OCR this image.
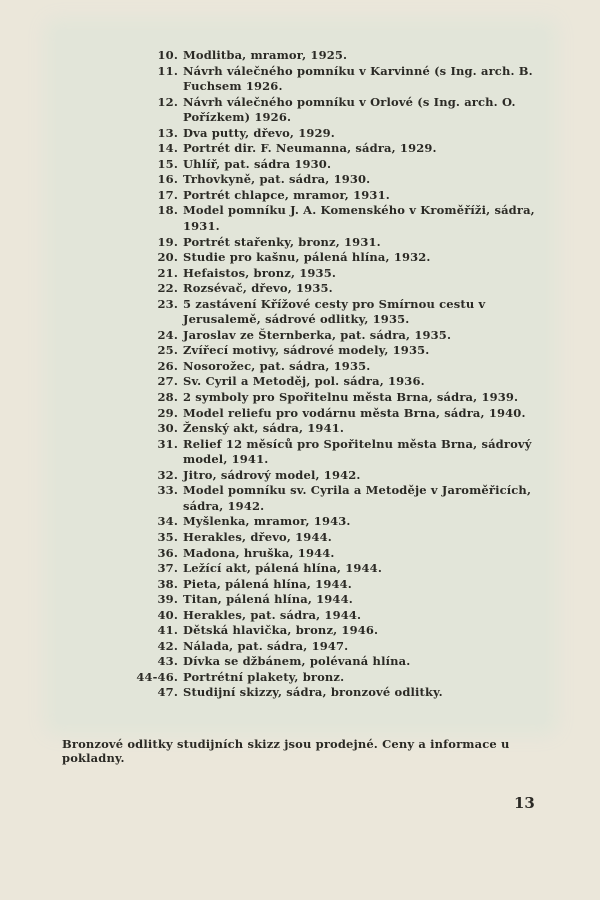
10. Modlitba, mramor, 1925.
11. Návrh válečného pomníku v Karvinné (s Ing. arch. B. Fuchsem 1926.
12. Návrh válečného pomníku v Orlové (s Ing. arch. O. Pořízkem) 1926.
13. Dva putty, dřevo, 1929.
14. Portrét dir. F. Neumanna, sádra, 1929.
15. Uhlíř, pat. sádra 1930.
16. Trhovkyně, pat. sádra, 1930.
17. Portrét chlapce, mramor, 1931.
18. Model pomníku J. A. Komenského v Kroměříži, sádra, 1931.
19. Portrét stařenky, bronz, 1931.
20. Studie pro kašnu, pálená hlína, 1932.
21. Hefaistos, bronz, 1935.
22. Rozsévač, dřevo, 1935.
23. 5 zastávení Křížové cesty pro Smírnou cestu v Jerusalemě, sádrové odlitky, 1935.
24. Jaroslav ze Šternberka, pat. sádra, 1935.
25. Zvířecí motivy, sádrové modely, 1935.
26. Nosorožec, pat. sádra, 1935.
27. Sv. Cyril a Metoděj, pol. sádra, 1936.
28. 2 symboly pro Spořitelnu města Brna, sádra, 1939.
29. Model reliefu pro vodárnu města Brna, sádra, 1940.
30. Ženský akt, sádra, 1941.
31. Relief 12 měsíců pro Spořitelnu města Brna, sádrový model, 1941.
32. Jitro, sádrový model, 1942.
33. Model pomníku sv. Cyrila a Metoděje v Jaroměřicích, sádra, 1942.
34. Myšlenka, mramor, 1943.
35. Herakles, dřevo, 1944.
36. Madona, hruška, 1944.
37. Ležící akt, pálená hlína, 1944.
38. Pieta, pálená hlína, 1944.
39. Titan, pálená hlína, 1944.
40. Herakles, pat. sádra, 1944.
41. Dětská hlavička, bronz, 1946.
42. Nálada, pat. sádra, 1947.
43. Dívka se džbánem, polévaná hlína.
44-46. Portrétní plakety, bronz.
47. Studijní skizzy, sádra, bronzové odlitky.
Bronzové odlitky studijních skizz jsou prodejné. Ceny a informace u pokladny.
13
